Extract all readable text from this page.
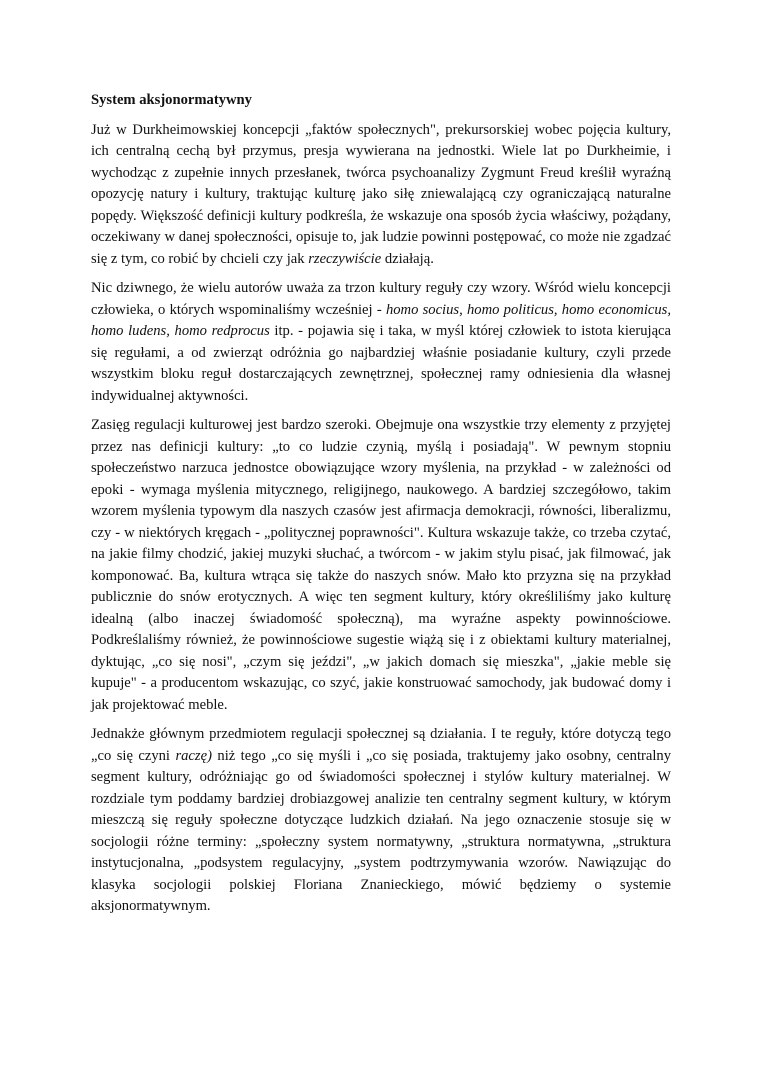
System aksjonormatywny

Już w Durkheimowskiej koncepcji „faktów społecznych", prekursorskiej wobec pojęcia kultury, ich centralną cechą był przymus, presja wywierana na jednostki. Wiele lat po Durkheimie, i wychodząc z zupełnie innych przesłanek, twórca psychoanalizy Zygmunt Freud kreślił wyraźną opozycję natury i kultury, traktując kulturę jako siłę zniewalającą czy ograniczającą naturalne popędy. Większość definicji kultury podkreśla, że wskazuje ona sposób życia właściwy, pożądany, oczekiwany w danej społeczności, opisuje to, jak ludzie powinni postępować, co może nie zgadzać się z tym, co robić by chcieli czy jak rzeczywiście działają.

Nic dziwnego, że wielu autorów uważa za trzon kultury reguły czy wzory. Wśród wielu koncepcji człowieka, o których wspominaliśmy wcześniej - homo socius, homo politicus, homo economicus, homo ludens, homo redprocus itp. - pojawia się i taka, w myśl której człowiek to istota kierująca się regułami, a od zwierząt odróżnia go najbardziej właśnie posiadanie kultury, czyli przede wszystkim bloku reguł dostarczających zewnętrznej, społecznej ramy odniesienia dla własnej indywidualnej aktywności.

Zasięg regulacji kulturowej jest bardzo szeroki. Obejmuje ona wszystkie trzy elementy z przyjętej przez nas definicji kultury: „to co ludzie czynią, myślą i posiadają". W pewnym stopniu społeczeństwo narzuca jednostce obowiązujące wzory myślenia, na przykład - w zależności od epoki - wymaga myślenia mitycznego, religijnego, naukowego. A bardziej szczegółowo, takim wzorem myślenia typowym dla naszych czasów jest afirmacja demokracji, równości, liberalizmu, czy - w niektórych kręgach - „politycznej poprawności". Kultura wskazuje także, co trzeba czytać, na jakie filmy chodzić, jakiej muzyki słuchać, a twórcom - w jakim stylu pisać, jak filmować, jak komponować. Ba, kultura wtrąca się także do naszych snów. Mało kto przyzna się na przykład publicznie do snów erotycznych. A więc ten segment kultury, który określiliśmy jako kulturę idealną (albo inaczej świadomość społeczną), ma wyraźne aspekty powinnościowe. Podkreślaliśmy również, że powinnościowe sugestie wiążą się i z obiektami kultury materialnej, dyktując, „co się nosi", „czym się jeździ", „w jakich domach się mieszka", „jakie meble się kupuje" - a producentom wskazując, co szyć, jakie konstruować samochody, jak budować domy i jak projektować meble.

Jednakże głównym przedmiotem regulacji społecznej są działania. I te reguły, które dotyczą tego „co się czyni raczę) niż tego „co się myśli i „co się posiada, traktujemy jako osobny, centralny segment kultury, odróżniając go od świadomości społecznej i stylów kultury materialnej. W rozdziale tym poddamy bardziej drobiazgowej analizie ten centralny segment kultury, w którym mieszczą się reguły społeczne dotyczące ludzkich działań. Na jego oznaczenie stosuje się w socjologii różne terminy: „społeczny system normatywny, „struktura normatywna, „struktura instytucjonalna, „podsystem regulacyjny, „system podtrzymywania wzorów. Nawiązując do klasyka socjologii polskiej Floriana Znanieckiego, mówić będziemy o systemie aksjonormatywnym.
